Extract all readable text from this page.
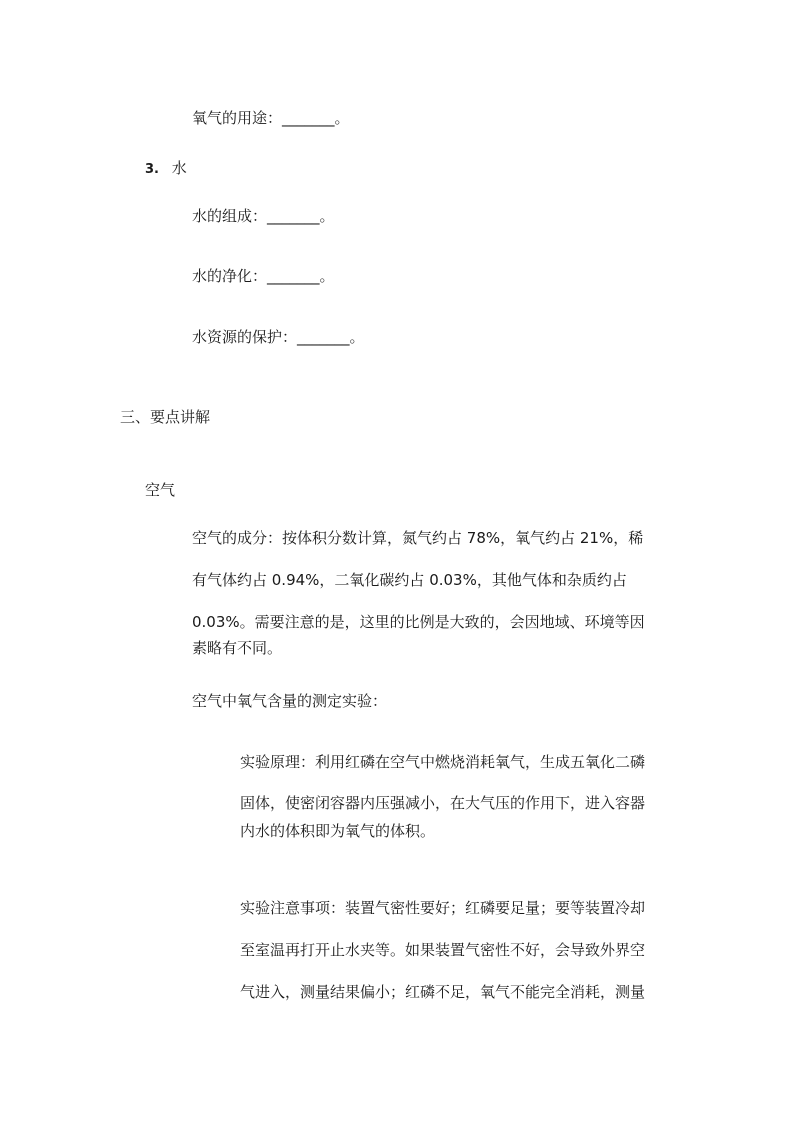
氧气的用途：_______。
3. 水
水的组成：_______。
水的净化：_______。
水资源的保护：_______。
三、要点讲解
空气
空气的成分：按体积分数计算，氮气约占 78%，氧气约占 21%，稀
有气体约占 0.94%，二氧化碳约占 0.03%，其他气体和杂质约占
0.03%。需要注意的是，这里的比例是大致的，会因地域、环境等因
素略有不同。
空气中氧气含量的测定实验：
实验原理：利用红磷在空气中燃烧消耗氧气，生成五氧化二磷
固体，使密闭容器内压强减小，在大气压的作用下，进入容器
内水的体积即为氧气的体积。
实验注意事项：装置气密性要好；红磷要足量；要等装置冷却
至室温再打开止水夹等。如果装置气密性不好，会导致外界空
气进入，测量结果偏小；红磷不足，氧气不能完全消耗，测量
